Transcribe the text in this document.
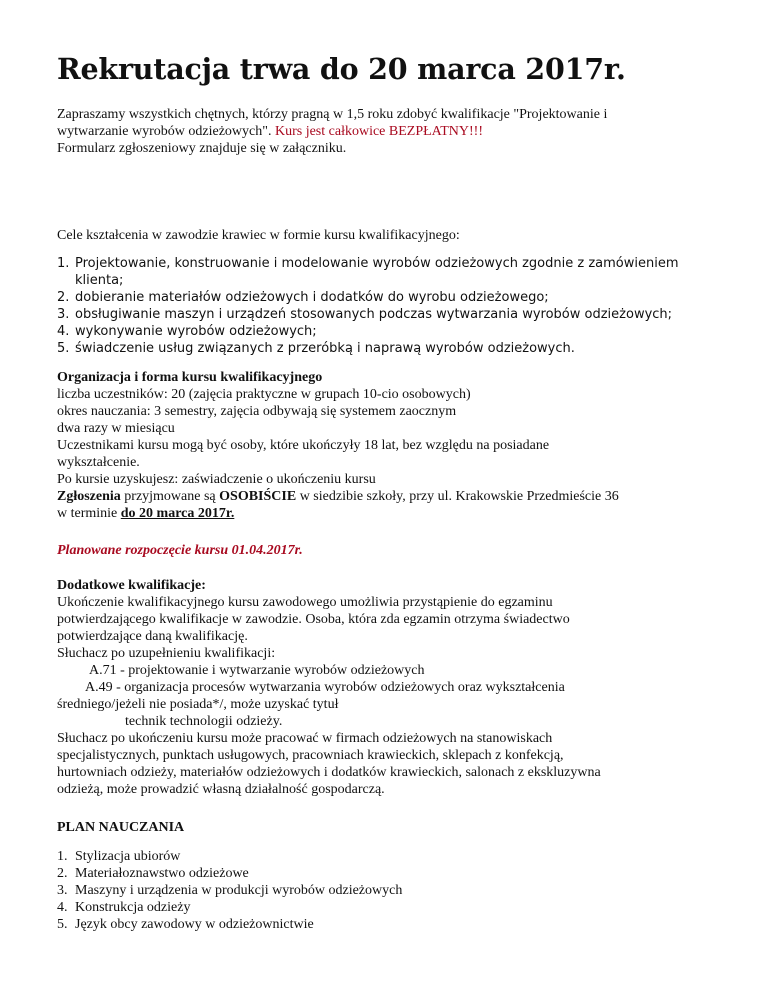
Rekrutacja trwa do 20 marca 2017r.

Zapraszamy wszystkich chętnych, którzy pragną w 1,5 roku zdobyć kwalifikacje "Projektowanie i

wytwarzanie wyrobów odzieżowych". Kurs jest całkowice BEZPŁATNY!!!

Formularz zgłoszeniowy znajduje się w załączniku.

Cele kształcenia w zawodzie krawiec w formie kursu kwalifikacyjnego:
1. Projektowanie, konstruowanie i modelowanie wyrobów odzieżowych zgodnie z zamówieniem
klienta;
2. dobieranie materiałów odzieżowych i dodatków do wyrobu odzieżowego;
3. obsługiwanie maszyn i urządzeń stosowanych podczas wytwarzania wyrobów odzieżowych;
4. wykonywanie wyrobów odzieżowych;
5. świadczenie usług związanych z przeróbką i naprawą wyrobów odzieżowych.

Organizacja i forma kursu kwalifikacyjnego

liczba uczestników: 20 (zajęcia praktyczne w grupach 10-cio osobowych)

okres nauczania: 3 semestry, zajęcia odbywają się systemem zaocznym

dwa razy w miesiącu

Uczestnikami kursu mogą być osoby, które ukończyły 18 lat, bez względu na posiadane

wykształcenie.

Po kursie uzyskujesz: zaświadczenie o ukończeniu kursu

Zgłoszenia przyjmowane są OSOBIŚCIE w siedzibie szkoły, przy ul. Krakowskie Przedmieście 36

w terminie do 20 marca 2017r.

Planowane rozpoczęcie kursu 01.04.2017r.

Dodatkowe kwalifikacje:

Ukończenie kwalifikacyjnego kursu zawodowego umożliwia przystąpienie do egzaminu

potwierdzającego kwalifikacje w zawodzie. Osoba, która zda egzamin otrzyma świadectwo

potwierdzające daną kwalifikację.

Słuchacz po uzupełnieniu kwalifikacji:

A.71 - projektowanie i wytwarzanie wyrobów odzieżowych

A.49 - organizacja procesów wytwarzania wyrobów odzieżowych oraz wykształcenia

średniego/jeżeli nie posiada*/, może uzyskać tytuł

technik technologii odzieży.

Słuchacz po ukończeniu kursu może pracować w firmach odzieżowych na stanowiskach

specjalistycznych, punktach usługowych, pracowniach krawieckich, sklepach z konfekcją,

hurtowniach odzieży, materiałów odzieżowych i dodatków krawieckich, salonach z ekskluzywna

odzieżą, może prowadzić własną działalność gospodarczą.

PLAN NAUCZANIA
1. Stylizacja ubiorów
2. Materiałoznawstwo odzieżowe
3. Maszyny i urządzenia w produkcji wyrobów odzieżowych
4. Konstrukcja odzieży
5. Język obcy zawodowy w odzieżownictwie
